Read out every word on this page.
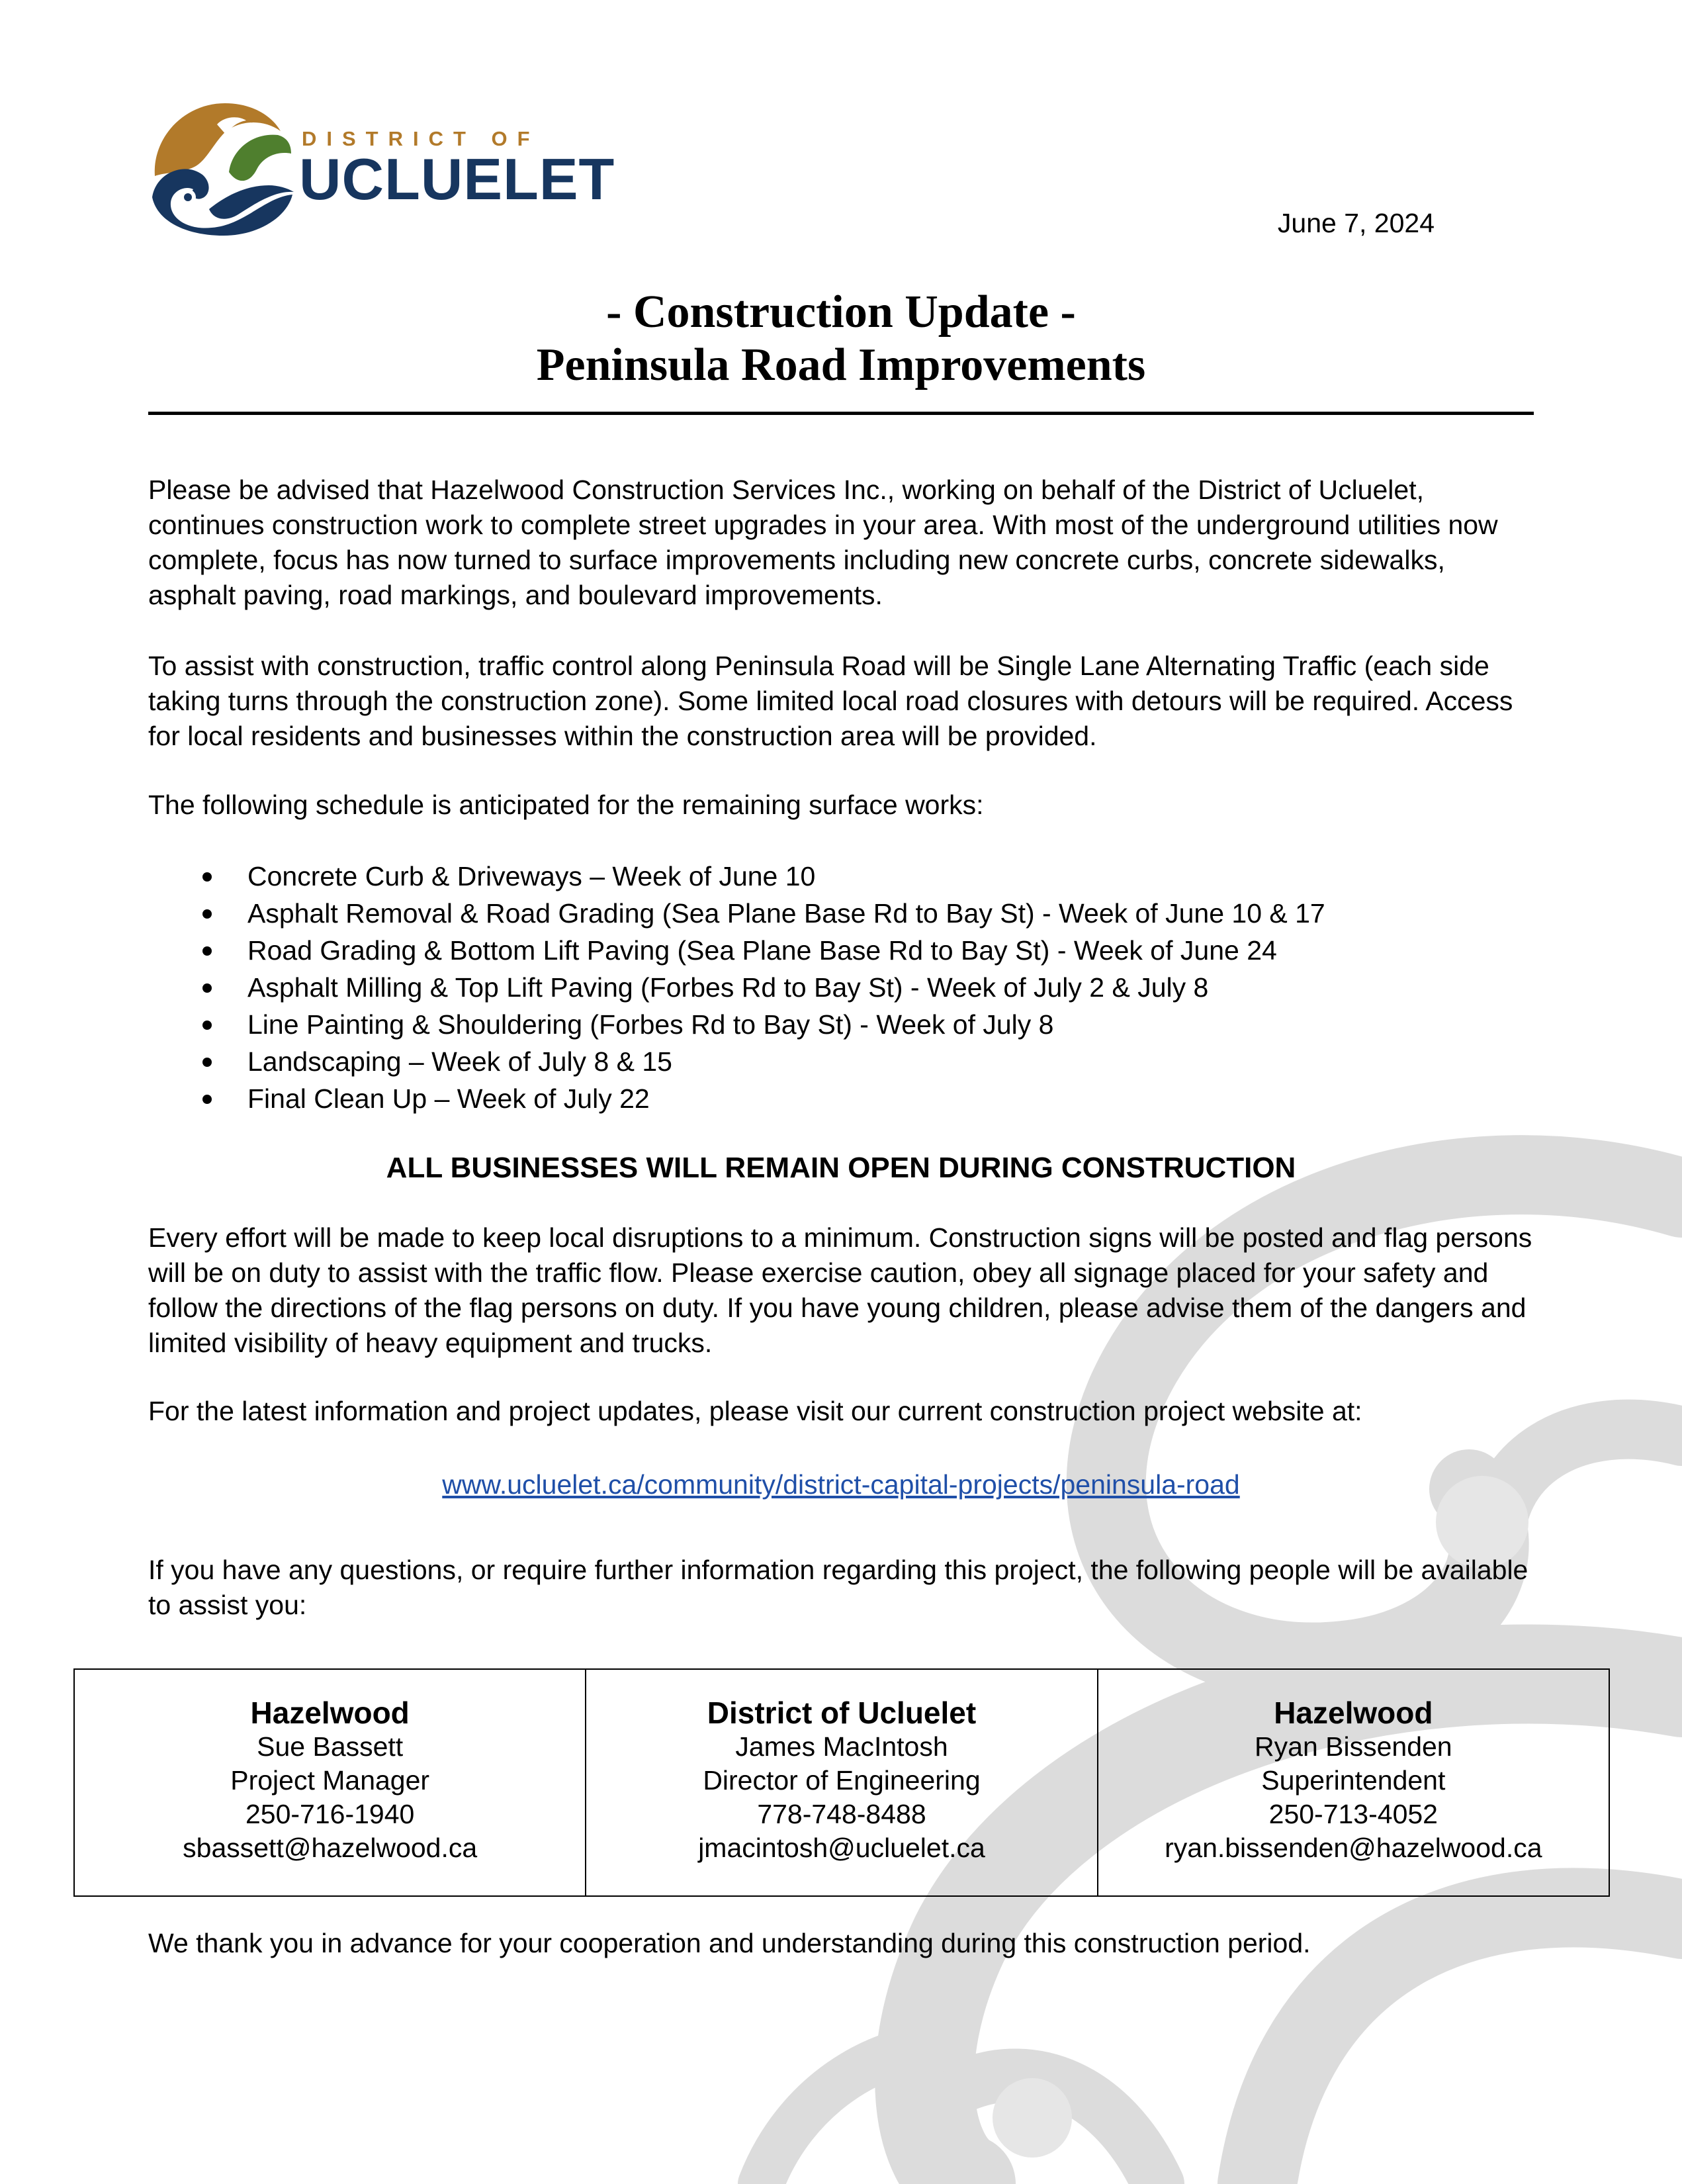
DISTRICT OF
UCLUELET
June 7, 2024
- Construction Update -
Peninsula Road Improvements

Please be advised that Hazelwood Construction Services Inc., working on behalf of the District of Ucluelet, continues construction work to complete street upgrades in your area. With most of the underground utilities now complete, focus has now turned to surface improvements including new concrete curbs, concrete sidewalks, asphalt paving, road markings, and boulevard improvements.

To assist with construction, traffic control along Peninsula Road will be Single Lane Alternating Traffic (each side taking turns through the construction zone). Some limited local road closures with detours will be required. Access for local residents and businesses within the construction area will be provided.

The following schedule is anticipated for the remaining surface works:

Concrete Curb & Driveways – Week of June 10
Asphalt Removal & Road Grading (Sea Plane Base Rd to Bay St) - Week of June 10 & 17
Road Grading & Bottom Lift Paving (Sea Plane Base Rd to Bay St) - Week of June 24
Asphalt Milling & Top Lift Paving (Forbes Rd to Bay St) - Week of July 2 & July 8
Line Painting & Shouldering (Forbes Rd to Bay St) - Week of July 8
Landscaping – Week of July 8 & 15
Final Clean Up – Week of July 22
ALL BUSINESSES WILL REMAIN OPEN DURING CONSTRUCTION

Every effort will be made to keep local disruptions to a minimum. Construction signs will be posted and flag persons will be on duty to assist with the traffic flow. Please exercise caution, obey all signage placed for your safety and follow the directions of the flag persons on duty. If you have young children, please advise them of the dangers and limited visibility of heavy equipment and trucks.

For the latest information and project updates, please visit our current construction project website at:

www.ucluelet.ca/community/district-capital-projects/peninsula-road

If you have any questions, or require further information regarding this project, the following people will be available to assist you:

Hazelwood
Sue Bassett
Project Manager
250-716-1940
sbassett@hazelwood.ca
District of Ucluelet
James MacIntosh
Director of Engineering
778-748-8488
jmacintosh@ucluelet.ca
Hazelwood
Ryan Bissenden
Superintendent
250-713-4052
ryan.bissenden@hazelwood.ca

We thank you in advance for your cooperation and understanding during this construction period.
